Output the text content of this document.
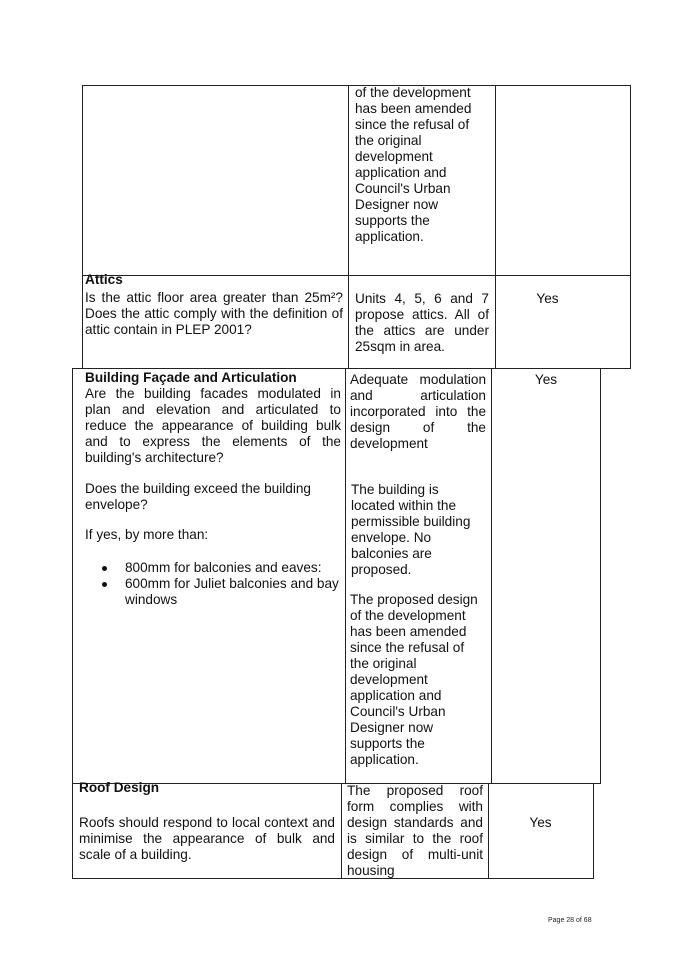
of the development has been amended since the refusal of the original development application and Council's Urban Designer now supports the application.
Attics
Is the attic floor area greater than 25m²? Does the attic comply with the definition of attic contain in PLEP 2001?
Units 4, 5, 6 and 7 propose attics. All of the attics are under 25sqm in area.
Yes
Building Façade and Articulation
Are the building facades modulated in plan and elevation and articulated to reduce the appearance of building bulk and to express the elements of the building's architecture?
Does the building exceed the building envelope?
If yes, by more than:
800mm for balconies and eaves:
600mm for Juliet balconies and bay windows
Adequate modulation and articulation incorporated into the design of the development
The building is located within the permissible building envelope. No balconies are proposed.
The proposed design of the development has been amended since the refusal of the original development application and Council's Urban Designer now supports the application.
Yes
Roof Design
Roofs should respond to local context and minimise the appearance of bulk and scale of a building.
The proposed roof form complies with design standards and is similar to the roof design of multi-unit housing
Yes
Page 28 of 68
